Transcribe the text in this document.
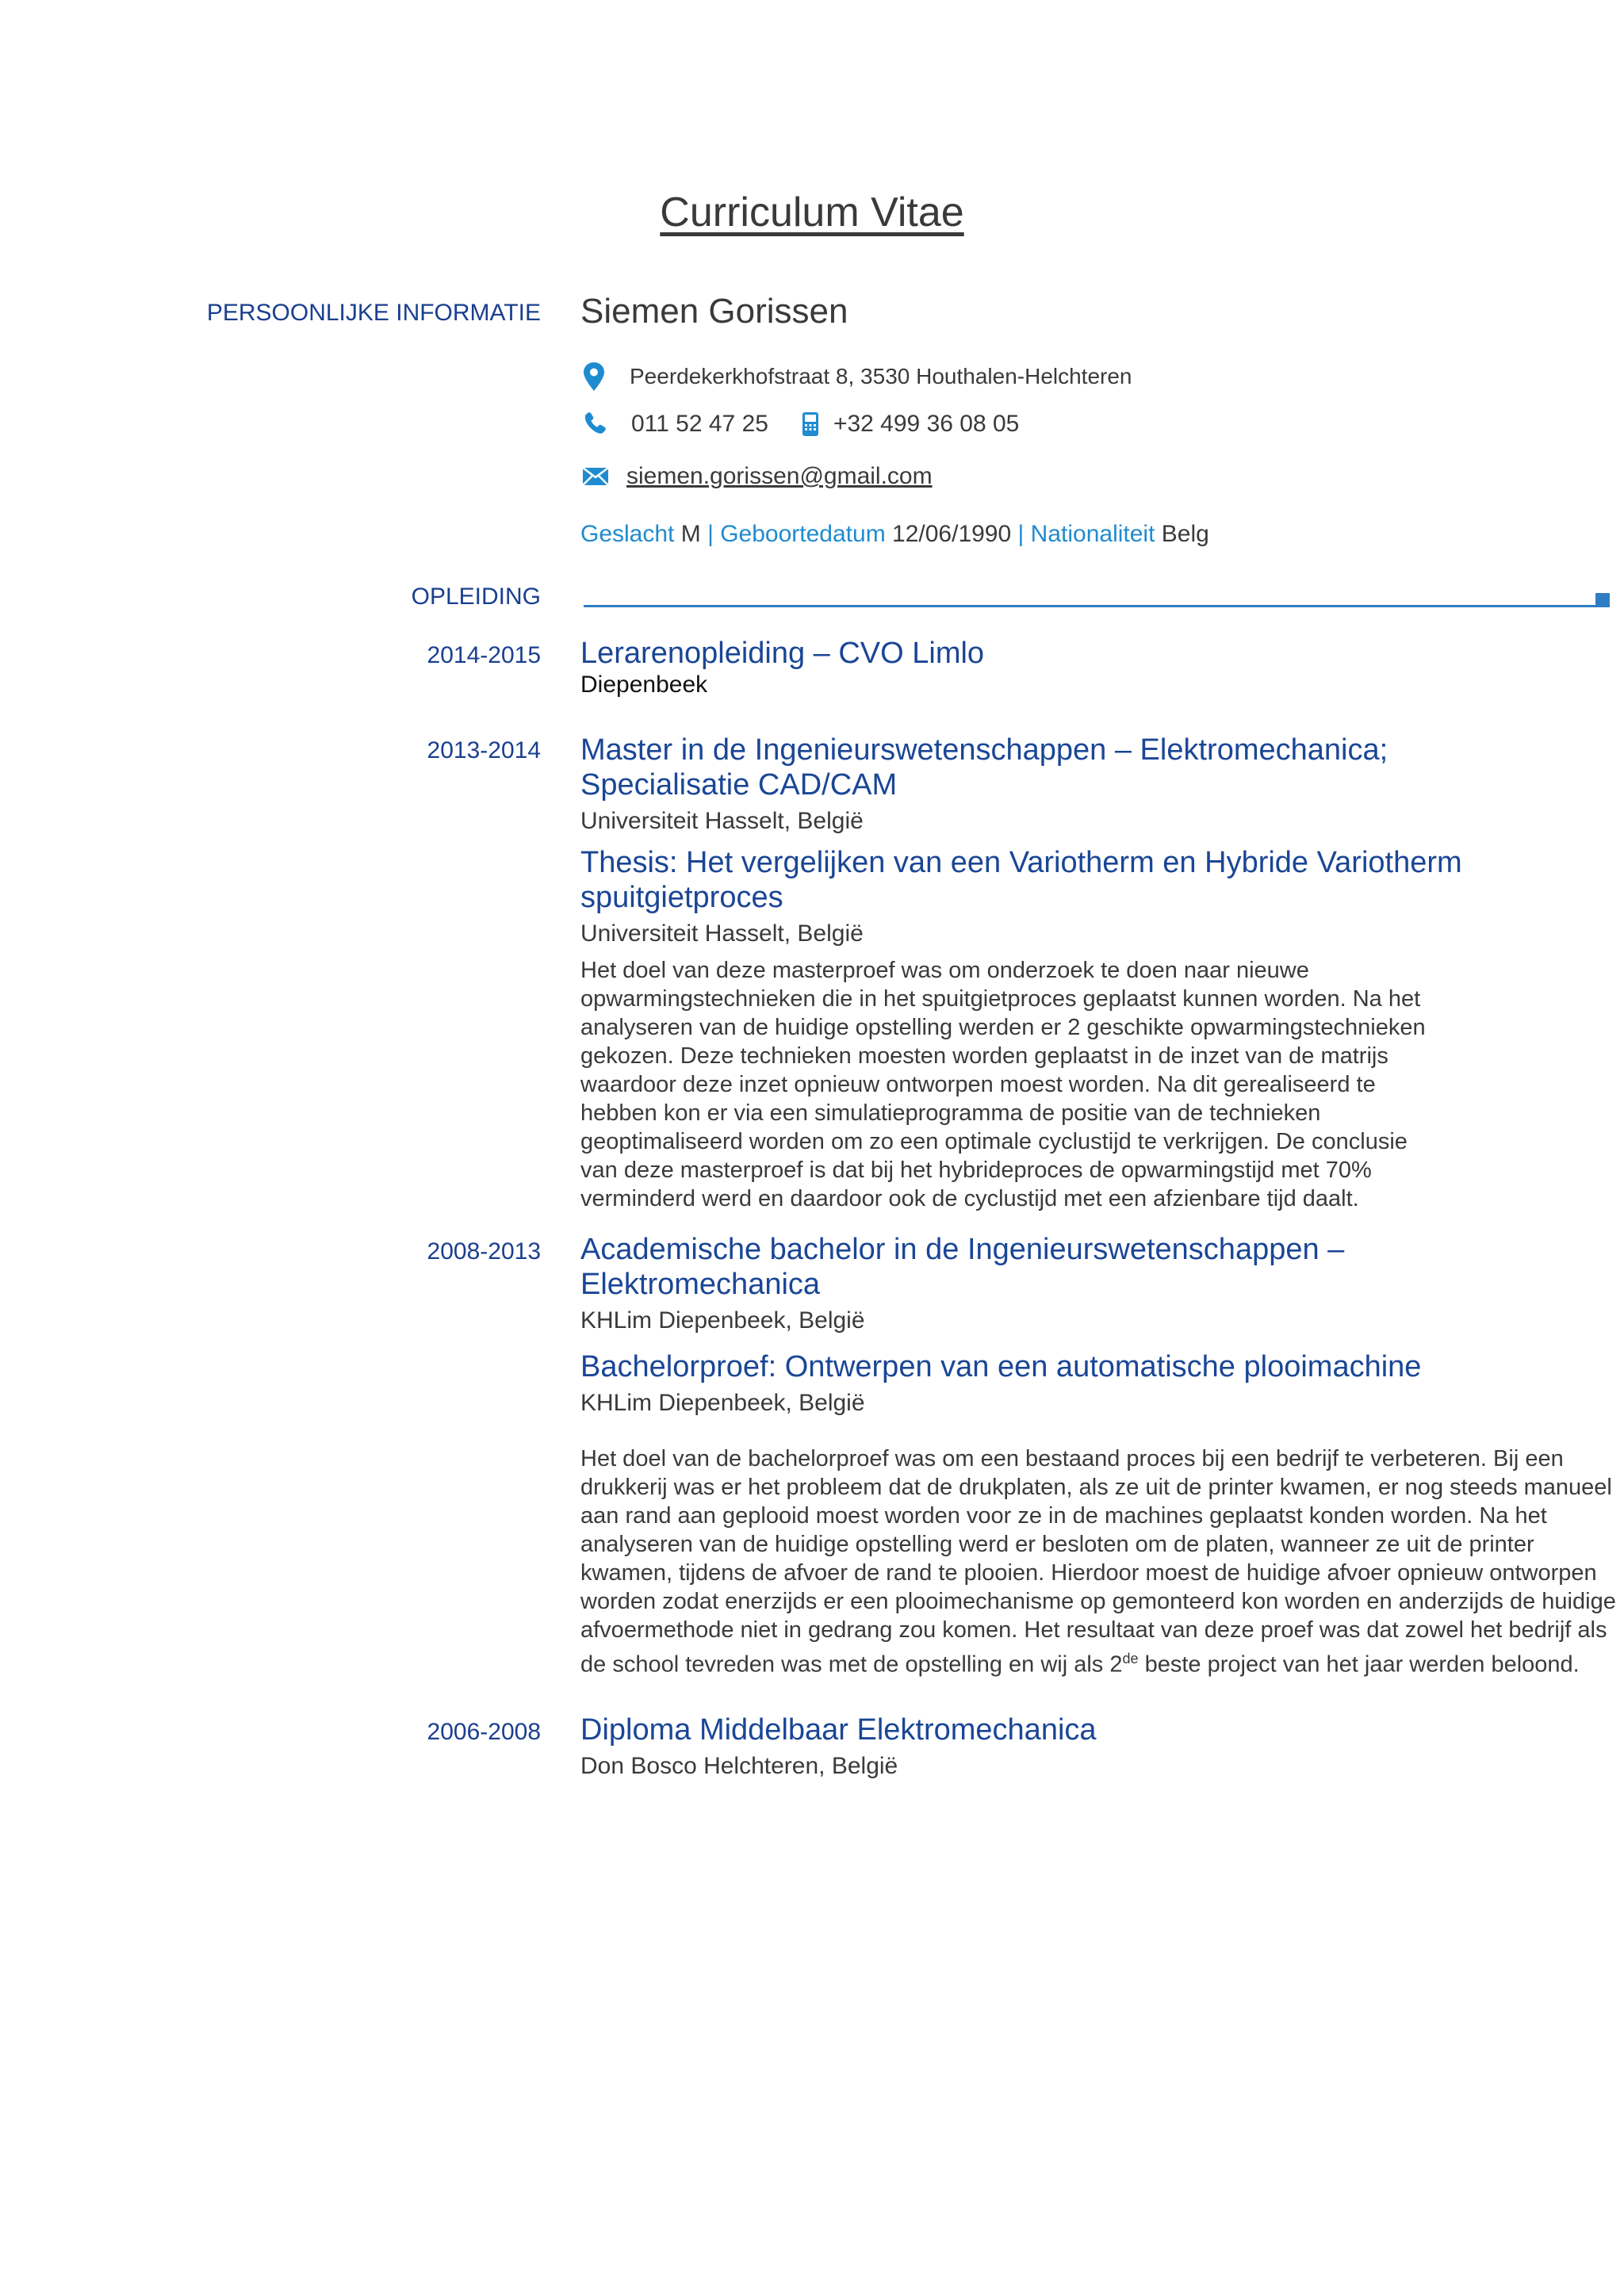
Curriculum Vitae
PERSOONLIJKE INFORMATIE Siemen Gorissen
Peerdekerkhofstraat 8, 3530 Houthalen-Helchteren
011 52 47 25	+32 499 36 08 05
siemen.gorissen@gmail.com
Geslacht M | Geboortedatum 12/06/1990 | Nationaliteit Belg
OPLEIDING
2014-2015 Lerarenopleiding – CVO Limlo
Diepenbeek
2013-2014 Master in de Ingenieurswetenschappen – Elektromechanica;
Specialisatie CAD/CAM
Universiteit Hasselt, België
Thesis: Het vergelijken van een Variotherm en Hybride Variotherm
spuitgietproces
Universiteit Hasselt, België
Het doel van deze masterproef was om onderzoek te doen naar nieuwe
opwarmingstechnieken die in het spuitgietproces geplaatst kunnen worden. Na het
analyseren van de huidige opstelling werden er 2 geschikte opwarmingstechnieken
gekozen. Deze technieken moesten worden geplaatst in de inzet van de matrijs
waardoor deze inzet opnieuw ontworpen moest worden. Na dit gerealiseerd te
hebben kon er via een simulatieprogramma de positie van de technieken
geoptimaliseerd worden om zo een optimale cyclustijd te verkrijgen. De conclusie
van deze masterproef is dat bij het hybrideproces de opwarmingstijd met 70%
verminderd werd en daardoor ook de cyclustijd met een afzienbare tijd daalt.
2008-2013 Academische bachelor in de Ingenieurswetenschappen –
Elektromechanica
KHLim Diepenbeek, België
Bachelorproef: Ontwerpen van een automatische plooimachine
KHLim Diepenbeek, België
Het doel van de bachelorproef was om een bestaand proces bij een bedrijf te verbeteren. Bij een
drukkerij was er het probleem dat de drukplaten, als ze uit de printer kwamen, er nog steeds manueel
aan rand aan geplooid moest worden voor ze in de machines geplaatst konden worden. Na het
analyseren van de huidige opstelling werd er besloten om de platen, wanneer ze uit de printer
kwamen, tijdens de afvoer de rand te plooien. Hierdoor moest de huidige afvoer opnieuw ontworpen
worden zodat enerzijds er een plooimechanisme op gemonteerd kon worden en anderzijds de huidige
afvoermethode niet in gedrang zou komen. Het resultaat van deze proef was dat zowel het bedrijf als
de school tevreden was met de opstelling en wij als 2de beste project van het jaar werden beloond.
2006-2008 Diploma Middelbaar Elektromechanica
Don Bosco Helchteren, België
